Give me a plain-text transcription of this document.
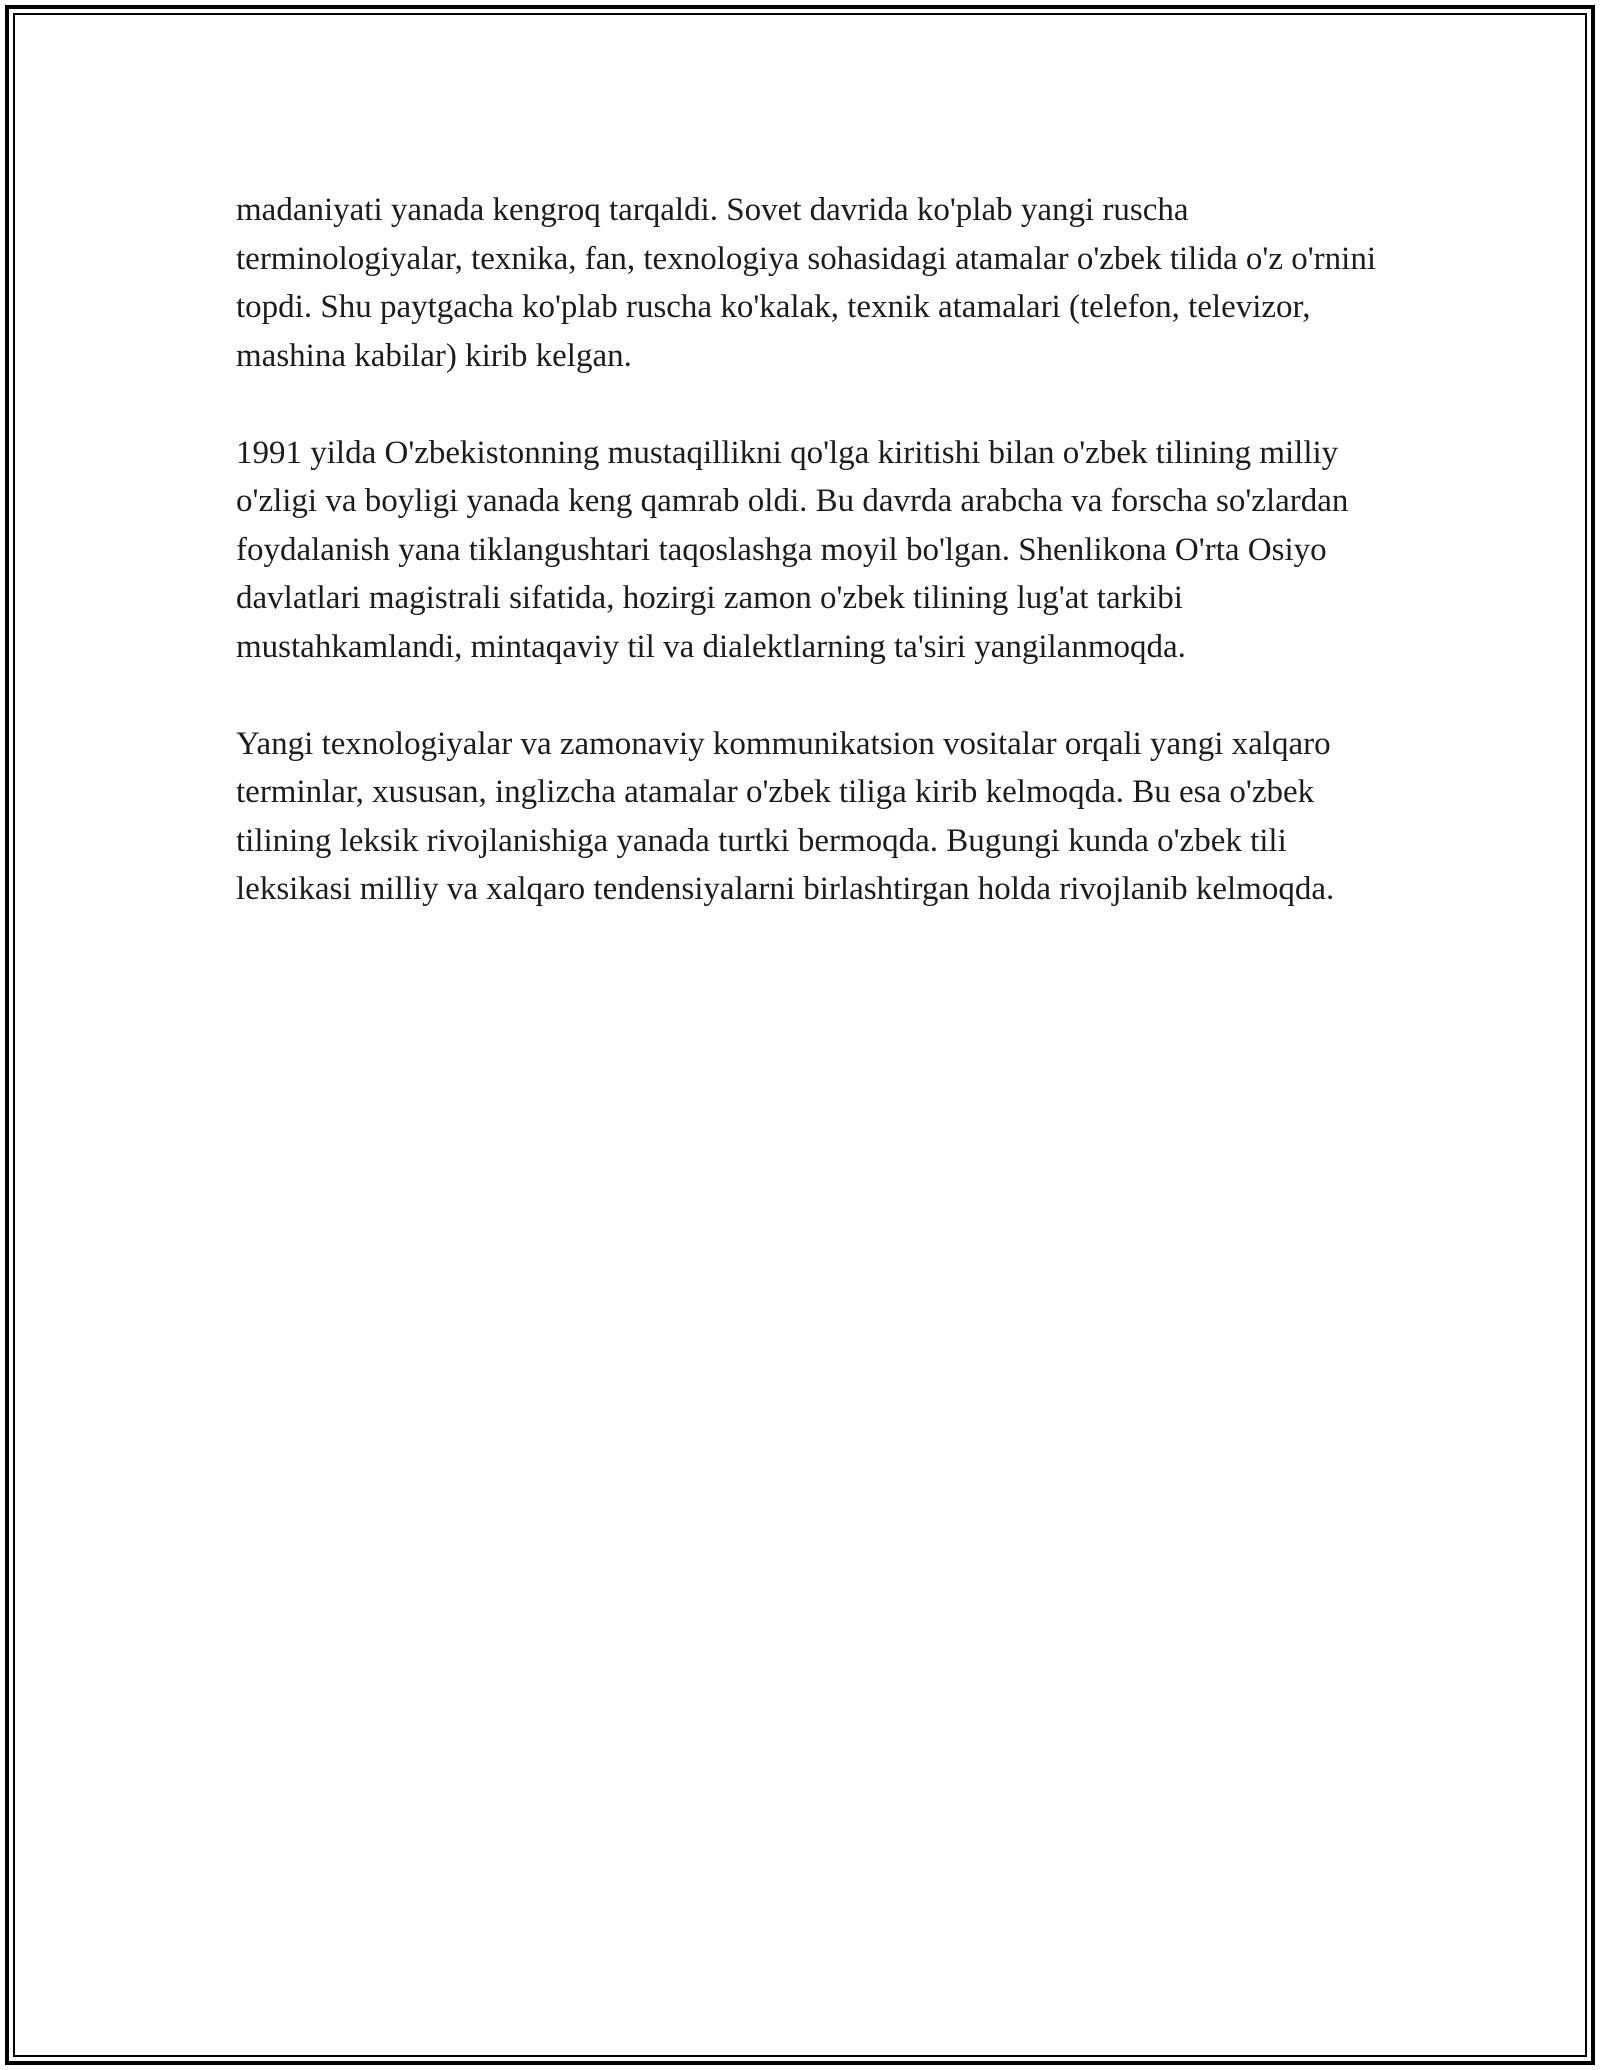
madaniyati yanada kengroq tarqaldi. Sovet davrida ko'plab yangi ruscha terminologiyalar, texnika, fan, texnologiya sohasidagi atamalar o'zbek tilida o'z o'rnini topdi. Shu paytgacha ko'plab ruscha ko'kalak, texnik atamalari (telefon, televizor, mashina kabilar) kirib kelgan.

1991 yilda O'zbekistonning mustaqillikni qo'lga kiritishi bilan o'zbek tilining milliy o'zligi va boyligi yanada keng qamrab oldi. Bu davrda arabcha va forscha so'zlardan foydalanish yana tiklangushtari taqoslashga moyil bo'lgan. Shenlikona O'rta Osiyo davlatlari magistrali sifatida, hozirgi zamon o'zbek tilining lug'at tarkibi mustahkamlandi, mintaqaviy til va dialektlarning ta'siri yangilanmoqda.

Yangi texnologiyalar va zamonaviy kommunikatsion vositalar orqali yangi xalqaro terminlar, xususan, inglizcha atamalar o'zbek tiliga kirib kelmoqda. Bu esa o'zbek tilining leksik rivojlanishiga yanada turtki bermoqda. Bugungi kunda o'zbek tili leksikasi milliy va xalqaro tendensiyalarni birlashtirgan holda rivojlanib kelmoqda.
